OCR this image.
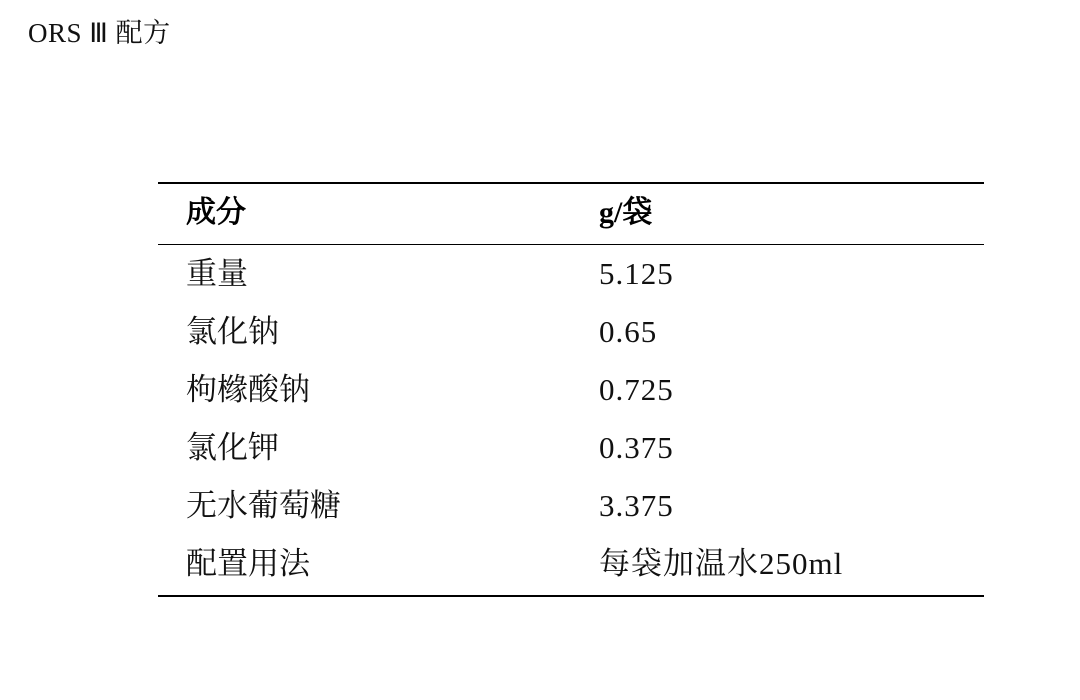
ORS Ⅲ 配方
成分	g/袋
重量	5.125
氯化钠	0.65
枸橼酸钠	0.725
氯化钾	0.375
无水葡萄糖	3.375
配置用法	每袋加温水250ml
